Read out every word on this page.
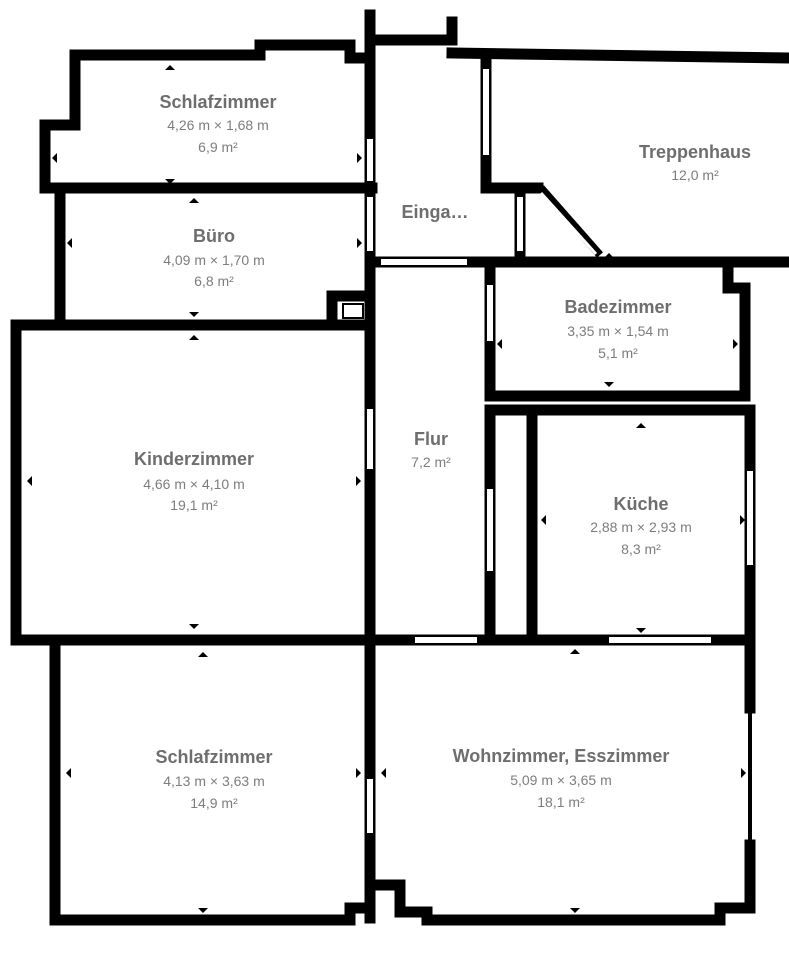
Schlafzimmer
4,26 m × 1,68 m
6,9 m²
Büro
4,09 m × 1,70 m
6,8 m²
Einga…
Treppenhaus
12,0 m²
Badezimmer
3,35 m × 1,54 m
5,1 m²
Kinderzimmer
4,66 m × 4,10 m
19,1 m²
Flur
7,2 m²
Küche
2,88 m × 2,93 m
8,3 m²
Schlafzimmer
4,13 m × 3,63 m
14,9 m²
Wohnzimmer, Esszimmer
5,09 m × 3,65 m
18,1 m²
